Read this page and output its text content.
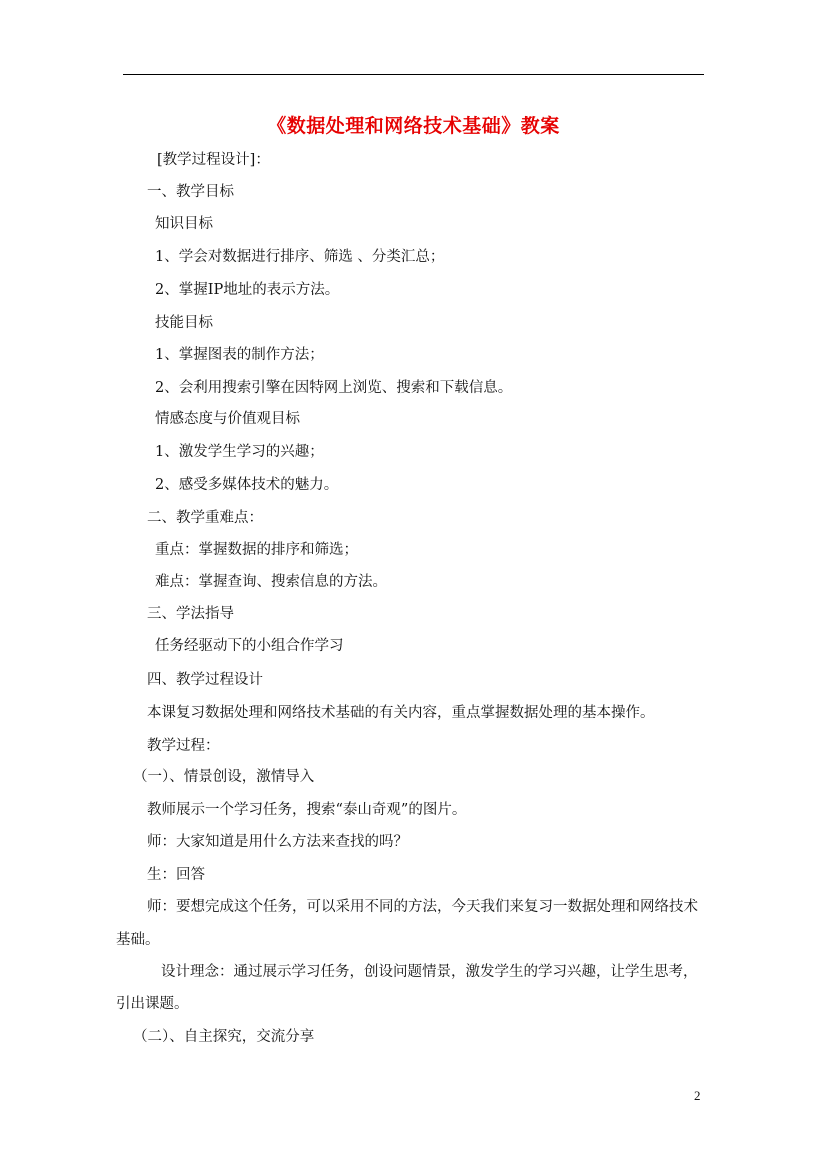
《数据处理和网络技术基础》教案
[教学过程设计]：
一、教学目标
知识目标
1、学会对数据进行排序、筛选 、分类汇总；
2、掌握IP地址的表示方法。
技能目标
1、掌握图表的制作方法；
2、会利用搜索引擎在因特网上浏览、搜索和下载信息。
情感态度与价值观目标
1、激发学生学习的兴趣；
2、感受多媒体技术的魅力。
二、教学重难点：
重点：掌握数据的排序和筛选；
难点：掌握查询、搜索信息的方法。
三、学法指导
任务经驱动下的小组合作学习
四、教学过程设计
本课复习数据处理和网络技术基础的有关内容，重点掌握数据处理的基本操作。
教学过程：
（一）、情景创设，激情导入
教师展示一个学习任务，搜索“泰山奇观”的图片。
师：大家知道是用什么方法来查找的吗？
生：回答
师：要想完成这个任务，可以采用不同的方法，今天我们来复习一数据处理和网络技术
基础。
设计理念：通过展示学习任务，创设问题情景，激发学生的学习兴趣，让学生思考，
引出课题。
（二）、自主探究，交流分享
2
